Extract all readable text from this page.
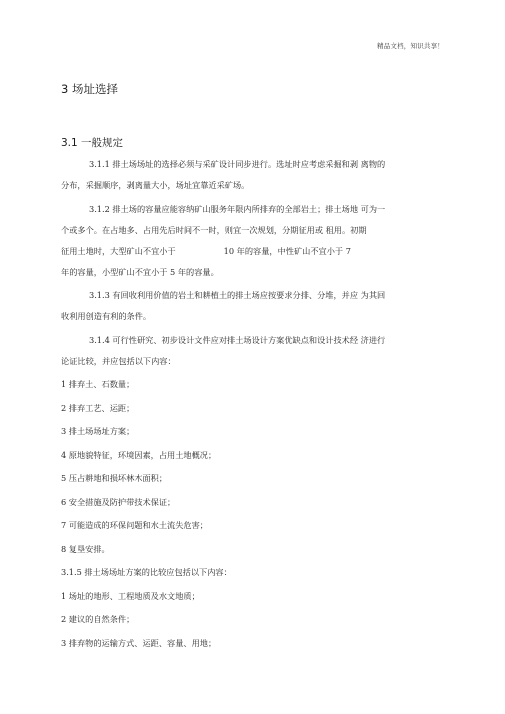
精品文档，知识共享！
3 场址选择
3.1 一般规定

3.1.1 排土场场址的选择必须与采矿设计同步进行。选址时应考虑采掘和剥 离物的

分布，采掘顺序，剥离量大小，场址宜靠近采矿场。

3.1.2 排土场的容量应能容纳矿山服务年限内所排弃的全部岩土；排土场地 可为一

个或多个。在占地多、占用先后时间不一时，则宜一次规划，分期征用或 租用。初期

征用土地时，大型矿山不宜小于	10 年的容量，中性矿山不宜小于 7

年的容量，小型矿山不宜小于 5 年的容量。

3.1.3 有回收利用价值的岩土和耕植土的排土场应按要求分排、分堆，并应 为其回

收利用创造有利的条件。

3.1.4 可行性研究、初步设计文件应对排土场设计方案优缺点和设计技术经 济进行

论证比较，并应包括以下内容：

1 排弃土、石数量；

2 排弃工艺、运距；

3 排土场场址方案；

4 原地貌特征，环境因素，占用土地概况；

5 压占耕地和损坏林木面积；

6 安全措施及防护带技术保证；

7 可能造成的环保问题和水土流失危害；

8 复垦安排。

3.1.5 排土场场址方案的比较应包括以下内容：

1 场址的地形、工程地质及水文地质；

2 建议的自然条件；

3 排弃物的运输方式、运距、容量、用地；
